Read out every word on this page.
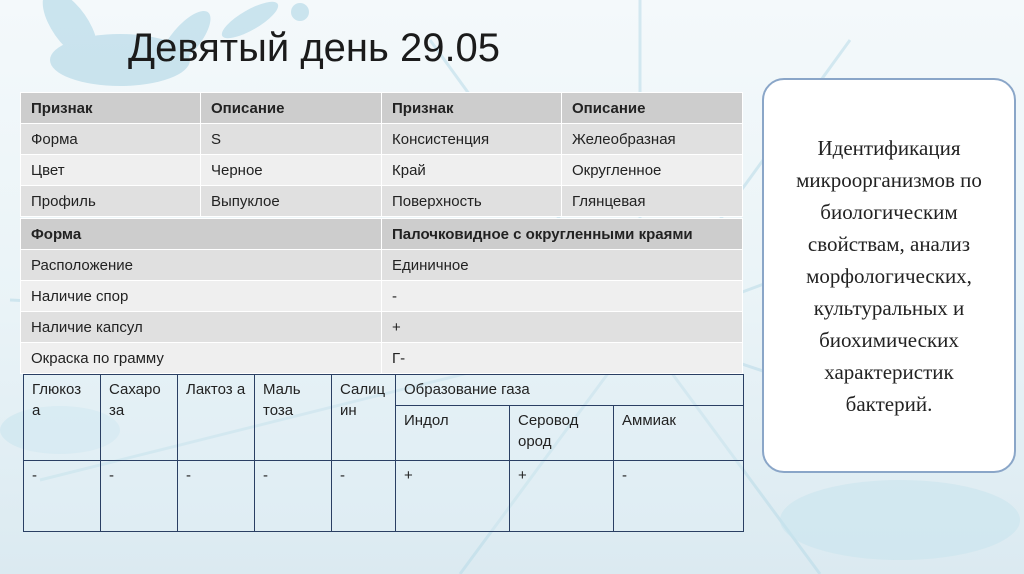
Девятый день 29.05
Признак	Описание	Признак	Описание
Форма	S	Консистенция	Желеобразная
Цвет	Черное	Край	Округленное
Профиль	Выпуклое	Поверхность	Глянцевая
Форма	Палочковидное с округленными краями
Расположение	Единичное
Наличие спор	-
Наличие капсул	+
Окраска по грамму	Г-
Глюкоз а	Сахаро за	Лактоз а	Маль тоза	Салиц ин	Образование газа		
					Индол	Серовод ород	Аммиак
-	-	-	-	-	+	+	-
Идентификация микроорганизмов по биологическим свойствам, анализ морфологических, культуральных и биохимических характеристик бактерий.
